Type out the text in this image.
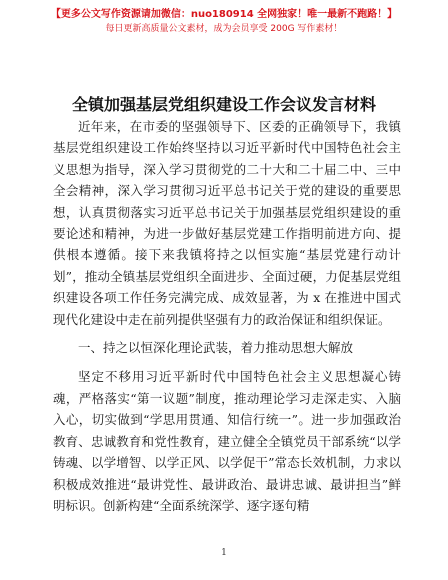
【更多公文写作资源请加微信：nuo180914 全网独家！唯一最新不跑路！】
每日更新高质量公文素材，成为会员享受 200G 写作素材！
全镇加强基层党组织建设工作会议发言材料

近年来，在市委的坚强领导下、区委的正确领导下，我镇基层党组织建设工作始终坚持以习近平新时代中国特色社会主义思想为指导，深入学习贯彻党的二十大和二十届二中、三中全会精神，深入学习贯彻习近平总书记关于党的建设的重要思想，认真贯彻落实习近平总书记关于加强基层党组织建设的重要论述和精神，为进一步做好基层党建工作指明前进方向、提供根本遵循。接下来我镇将持之以恒实施“基层党建行动计划”，推动全镇基层党组织全面进步、全面过硬，力促基层党组织建设各项工作任务完满完成、成效显著，为 x 在推进中国式现代化建设中走在前列提供坚强有力的政治保证和组织保证。

一、持之以恒深化理论武装，着力推动思想大解放

坚定不移用习近平新时代中国特色社会主义思想凝心铸魂，严格落实“第一议题”制度，推动理论学习走深走实、入脑入心，切实做到“学思用贯通、知信行统一”。进一步加强政治教育、忠诚教育和党性教育，建立健全全镇党员干部系统“以学铸魂、以学增智、以学正风、以学促干”常态长效机制，力求以积极成效推进“最讲党性、最讲政治、最讲忠诚、最讲担当”鲜明标识。创新构建“全面系统深学、逐字逐句精

1
